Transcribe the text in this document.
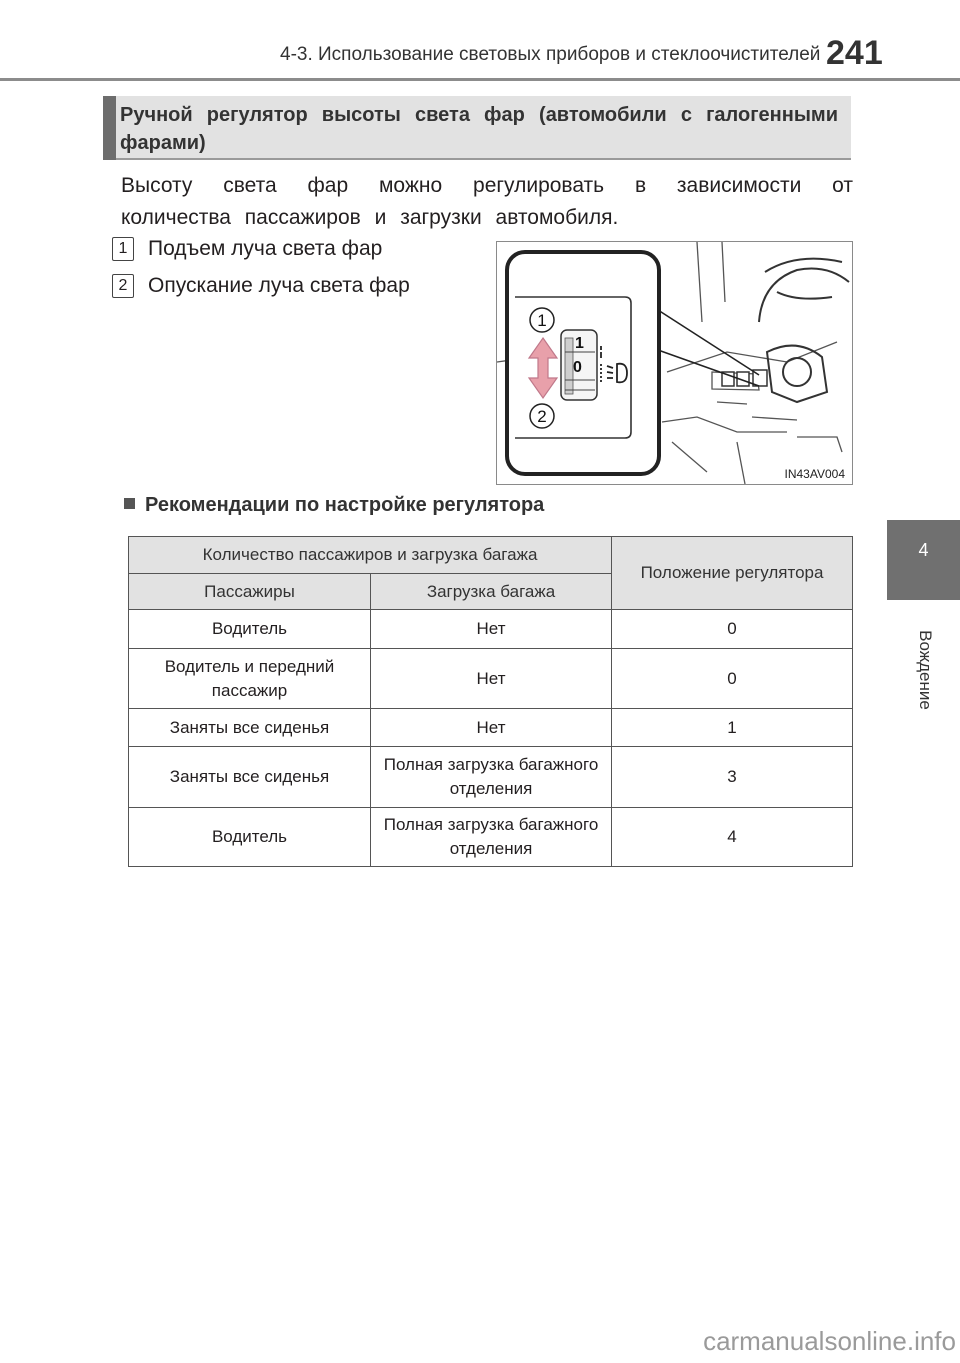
4-3. Использование световых приборов и стеклоочистителей 241
Ручной регулятор высоты света фар (автомобили с галогенными фарами)
Высоту света фар можно регулировать в зависимости от количества пассажиров и загрузки автомобиля.
1 Подъем луча света фар
2 Опускание луча света фар
1
0
1
2
IN43AV004
Рекомендации по настройке регулятора
Количество пассажиров и загрузка багажа		Положение регулятора
Пассажиры	Загрузка багажа	
Водитель	Нет	0
Водитель и передний пассажир	Нет	0
Заняты все сиденья	Нет	1
Заняты все сиденья	Полная загрузка багажного отделения	3
Водитель	Полная загрузка багажного отделения	4
4
Вождение
carmanualsonline.info
